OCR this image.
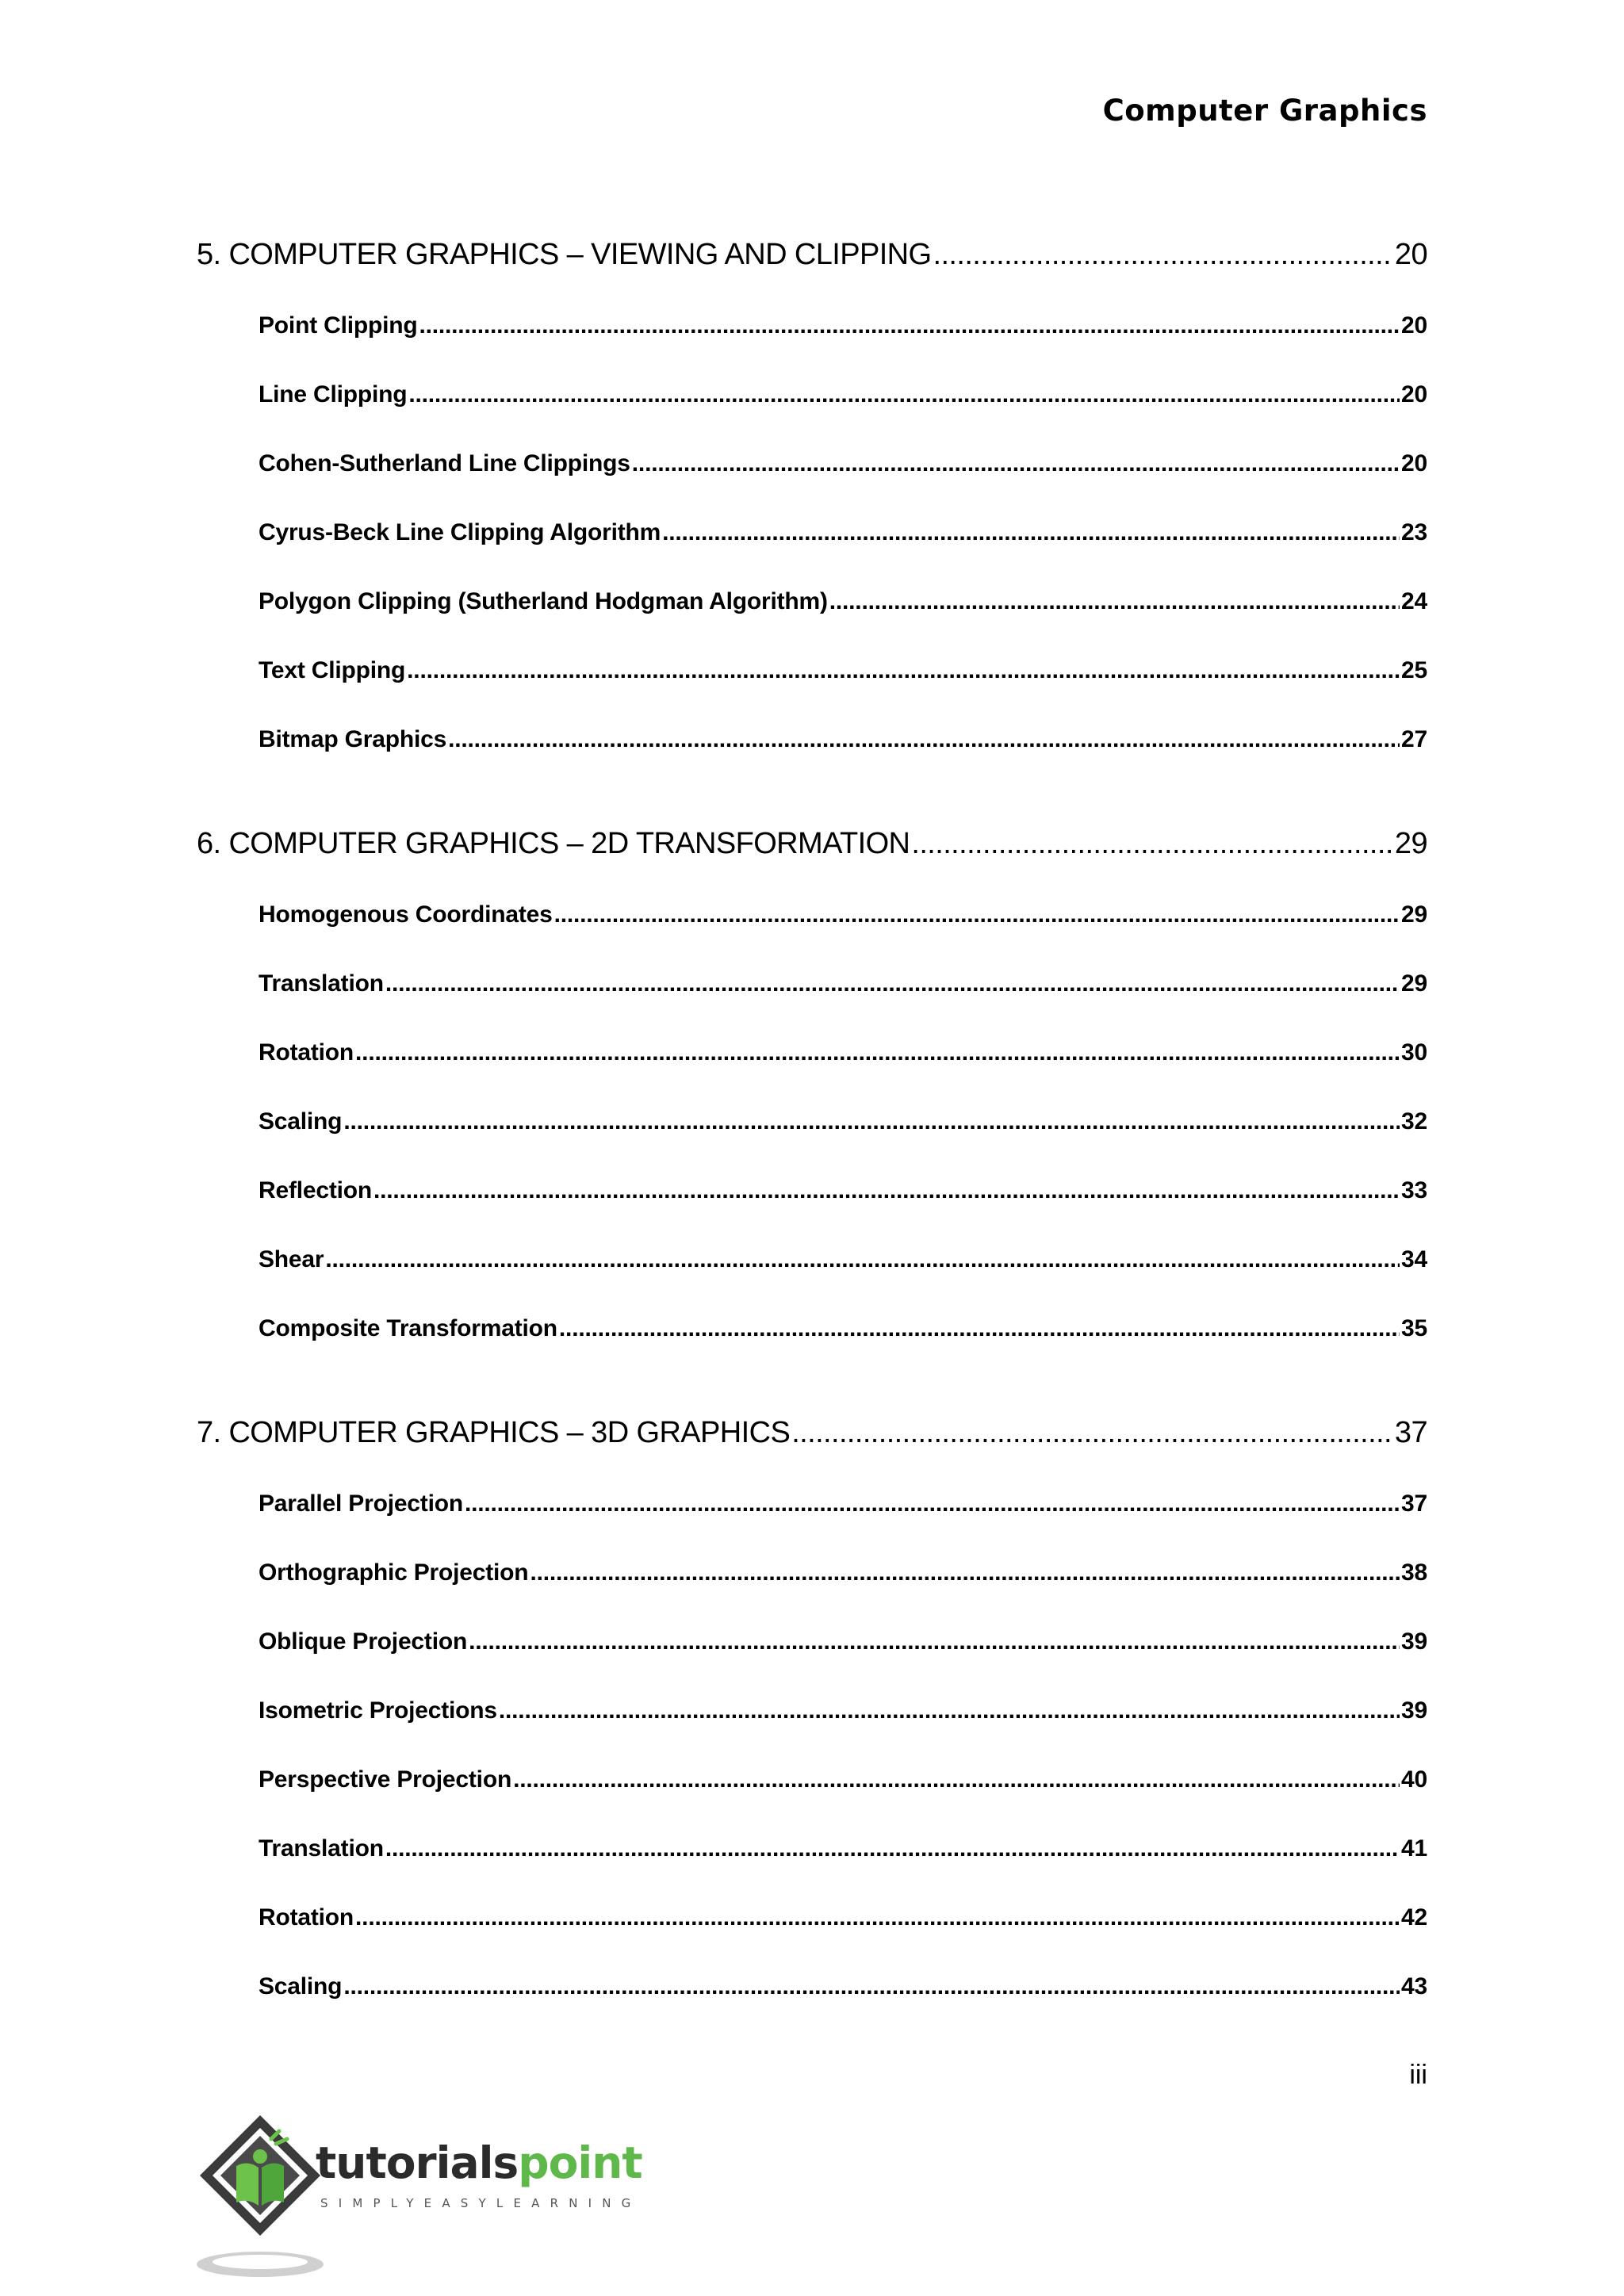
Computer Graphics
5. COMPUTER GRAPHICS – VIEWING AND CLIPPING .....	20
Point Clipping .....	20
Line Clipping .....	20
Cohen-Sutherland Line Clippings .....	20
Cyrus-Beck Line Clipping Algorithm .....	23
Polygon Clipping (Sutherland Hodgman Algorithm) .....	24
Text Clipping .....	25
Bitmap Graphics .....	27
6. COMPUTER GRAPHICS – 2D TRANSFORMATION .....	29
Homogenous Coordinates .....	29
Translation .....	29
Rotation .....	30
Scaling .....	32
Reflection .....	33
Shear .....	34
Composite Transformation .....	35
7. COMPUTER GRAPHICS – 3D GRAPHICS .....	37
Parallel Projection .....	37
Orthographic Projection .....	38
Oblique Projection .....	39
Isometric Projections .....	39
Perspective Projection .....	40
Translation .....	41
Rotation .....	42
Scaling .....	43
iii
tutorialspoint
SIMPLYEASYLEARNING
